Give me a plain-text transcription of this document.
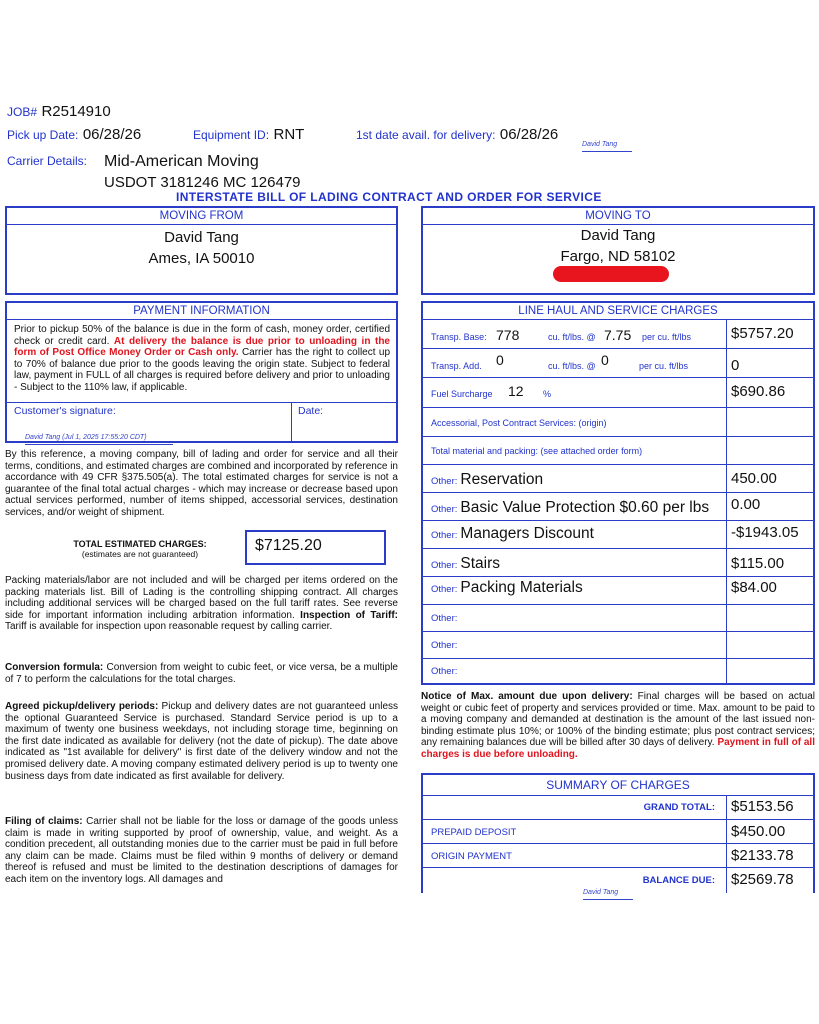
JOB# R2514910
Pick up Date: 06/28/26	Equipment ID: RNT	1st date avail. for delivery: 06/28/26
David Tang
Carrier Details: Mid-American Moving
USDOT 3181246 MC 126479
INTERSTATE BILL OF LADING CONTRACT AND ORDER FOR SERVICE
MOVING FROM
David Tang
Ames, IA 50010
MOVING TO
David Tang
Fargo, ND 58102
PAYMENT INFORMATION
Prior to pickup 50% of the balance is due in the form of cash, money order, certified check or credit card. At delivery the balance is due prior to unloading in the form of Post Office Money Order or Cash only. Carrier has the right to collect up to 70% of balance due prior to the goods leaving the origin state. Subject to federal law, payment in FULL of all charges is required before delivery and prior to unloading - Subject to the 110% law, if applicable.
Customer's signature:	Date:
David Tang (Jul 1, 2025 17:55:20 CDT)
By this reference, a moving company, bill of lading and order for service and all their terms, conditions, and estimated charges are combined and incorporated by reference in accordance with 49 CFR §375.505(a). The total estimated charges for service is not a guarantee of the final total actual charges - which may increase or decrease based upon actual services performed, number of items shipped, accessorial services, destination services, and/or weight of shipment.
TOTAL ESTIMATED CHARGES:
(estimates are not guaranteed)	$7125.20
Packing materials/labor are not included and will be charged per items ordered on the packing materials list. Bill of Lading is the controlling shipping contract. All charges including additional services will be charged based on the full tariff rates. See reverse side for important information including arbitration information. Inspection of Tariff: Tariff is available for inspection upon reasonable request by calling carrier.
Conversion formula: Conversion from weight to cubic feet, or vice versa, be a multiple of 7 to perform the calculations for the total charges.
Agreed pickup/delivery periods: Pickup and delivery dates are not guaranteed unless the optional Guaranteed Service is purchased. Standard Service period is up to a maximum of twenty one business weekdays, not including storage time, beginning on the first date indicated as available for delivery (not the date of pickup). The date above indicated as "1st available for delivery" is first date of the delivery window and not the promised delivery date. A moving company estimated delivery period is up to twenty one business days from date indicated as first available for delivery.
Filing of claims: Carrier shall not be liable for the loss or damage of the goods unless claim is made in writing supported by proof of ownership, value, and weight. As a condition precedent, all outstanding monies due to the carrier must be paid in full before any claim can be made. Claims must be filed within 9 months of delivery or demand thereof is refused and must be limited to the destination descriptions of damages for each item on the inventory logs. All damages and
LINE HAUL AND SERVICE CHARGES
Transp. Base: 778	cu. ft/lbs. @ 7.75 per cu. ft/lbs	$5757.20
Transp. Add. 0	cu. ft/lbs. @ 0	per cu. ft/lbs	0
Fuel Surcharge 12 %	$690.86
Accessorial, Post Contract Services: (origin)
Total material and packing: (see attached order form)
Other: Reservation	450.00
Other: Basic Value Protection $0.60 per lbs 0.00
Other: Managers Discount	-$1943.05
Other: Stairs	$115.00
Other: Packing Materials	$84.00
Other:
Other:
Other:
Notice of Max. amount due upon delivery: Final charges will be based on actual weight or cubic feet of property and services provided or time. Max. amount to be paid to a moving company and demanded at destination is the amount of the last issued non-binding estimate plus 10%; or 100% of the binding estimate; plus post contract services; any remaining balances due will be billed after 30 days of delivery. Payment in full of all charges is due before unloading.
SUMMARY OF CHARGES
GRAND TOTAL: $5153.56
PREPAID DEPOSIT	$450.00
ORIGIN PAYMENT	$2133.78
BALANCE DUE: $2569.78
David Tang
